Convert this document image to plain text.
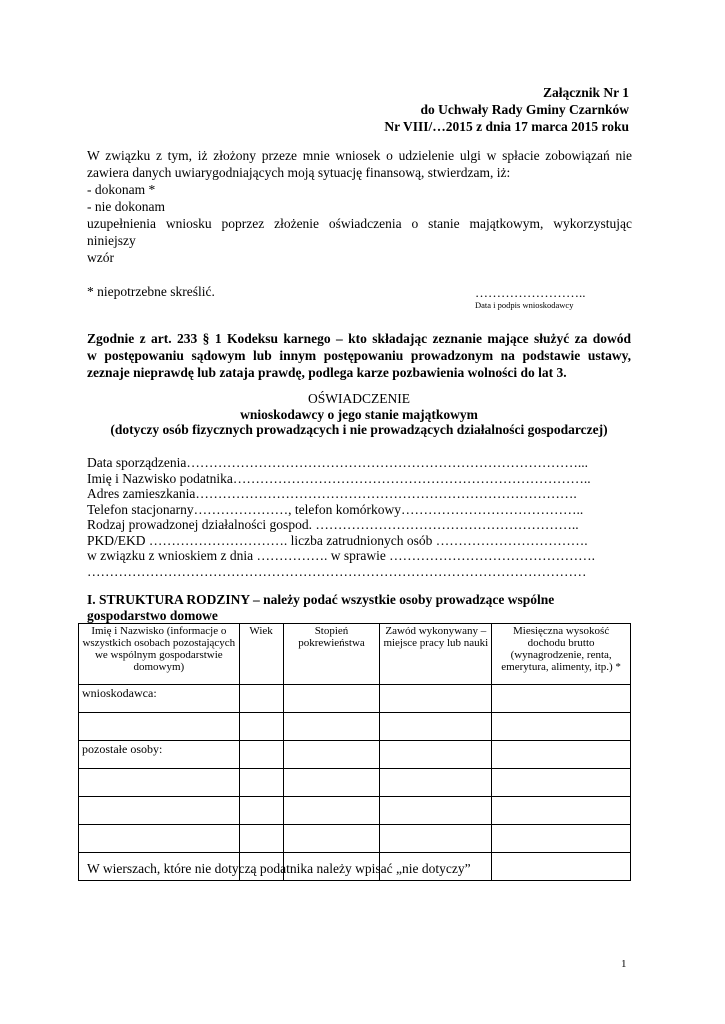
Załącznik Nr 1
do Uchwały Rady Gminy Czarnków
Nr VIII/…2015 z dnia 17 marca 2015 roku
W związku z tym, iż złożony przeze mnie wniosek o udzielenie ulgi w spłacie zobowiązań nie
zawiera danych uwiarygodniających moją sytuację finansową, stwierdzam, iż:
- dokonam *
- nie dokonam
uzupełnienia wniosku poprzez złożenie oświadczenia o stanie majątkowym, wykorzystując niniejszy
wzór
* niepotrzebne skreślić.	……………………..
Data i podpis wnioskodawcy
Zgodnie z art. 233 § 1 Kodeksu karnego – kto składając zeznanie mające służyć za dowód
w postępowaniu sądowym lub innym postępowaniu prowadzonym na podstawie ustawy,
zeznaje nieprawdę lub zataja prawdę, podlega karze pozbawienia wolności do lat 3.
OŚWIADCZENIE
wnioskodawcy o jego stanie majątkowym
(dotyczy osób fizycznych prowadzących i nie prowadzących działalności gospodarczej)
Data sporządzenia……………………………………………………………………………...
Imię i Nazwisko podatnika……………………………………………………………………..
Adres zamieszkania………………………………………………………………………….
Telefon stacjonarny…………………, telefon komórkowy…………………………………..
Rodzaj prowadzonej działalności gospod. …………………………………………………..
PKD/EKD …………………………. liczba zatrudnionych osób …………………………….
w związku z wnioskiem z dnia ……………. w sprawie ……………………………………….
…………………………………………………………………………………………………
I. STRUKTURA RODZINY – należy podać wszystkie osoby prowadzące wspólne
gospodarstwo domowe
Imię i Nazwisko (informacje o wszystkich osobach pozostających we wspólnym gospodarstwie domowym)	Wiek	Stopień pokrewieństwa	Zawód wykonywany – miejsce pracy lub nauki	Miesięczna wysokość dochodu brutto (wynagrodzenie, renta, emerytura, alimenty, itp.) *
wnioskodawca:				

pozostałe osoby:				

W wierszach, które nie dotyczą podatnika należy wpisać „nie dotyczy”
1
